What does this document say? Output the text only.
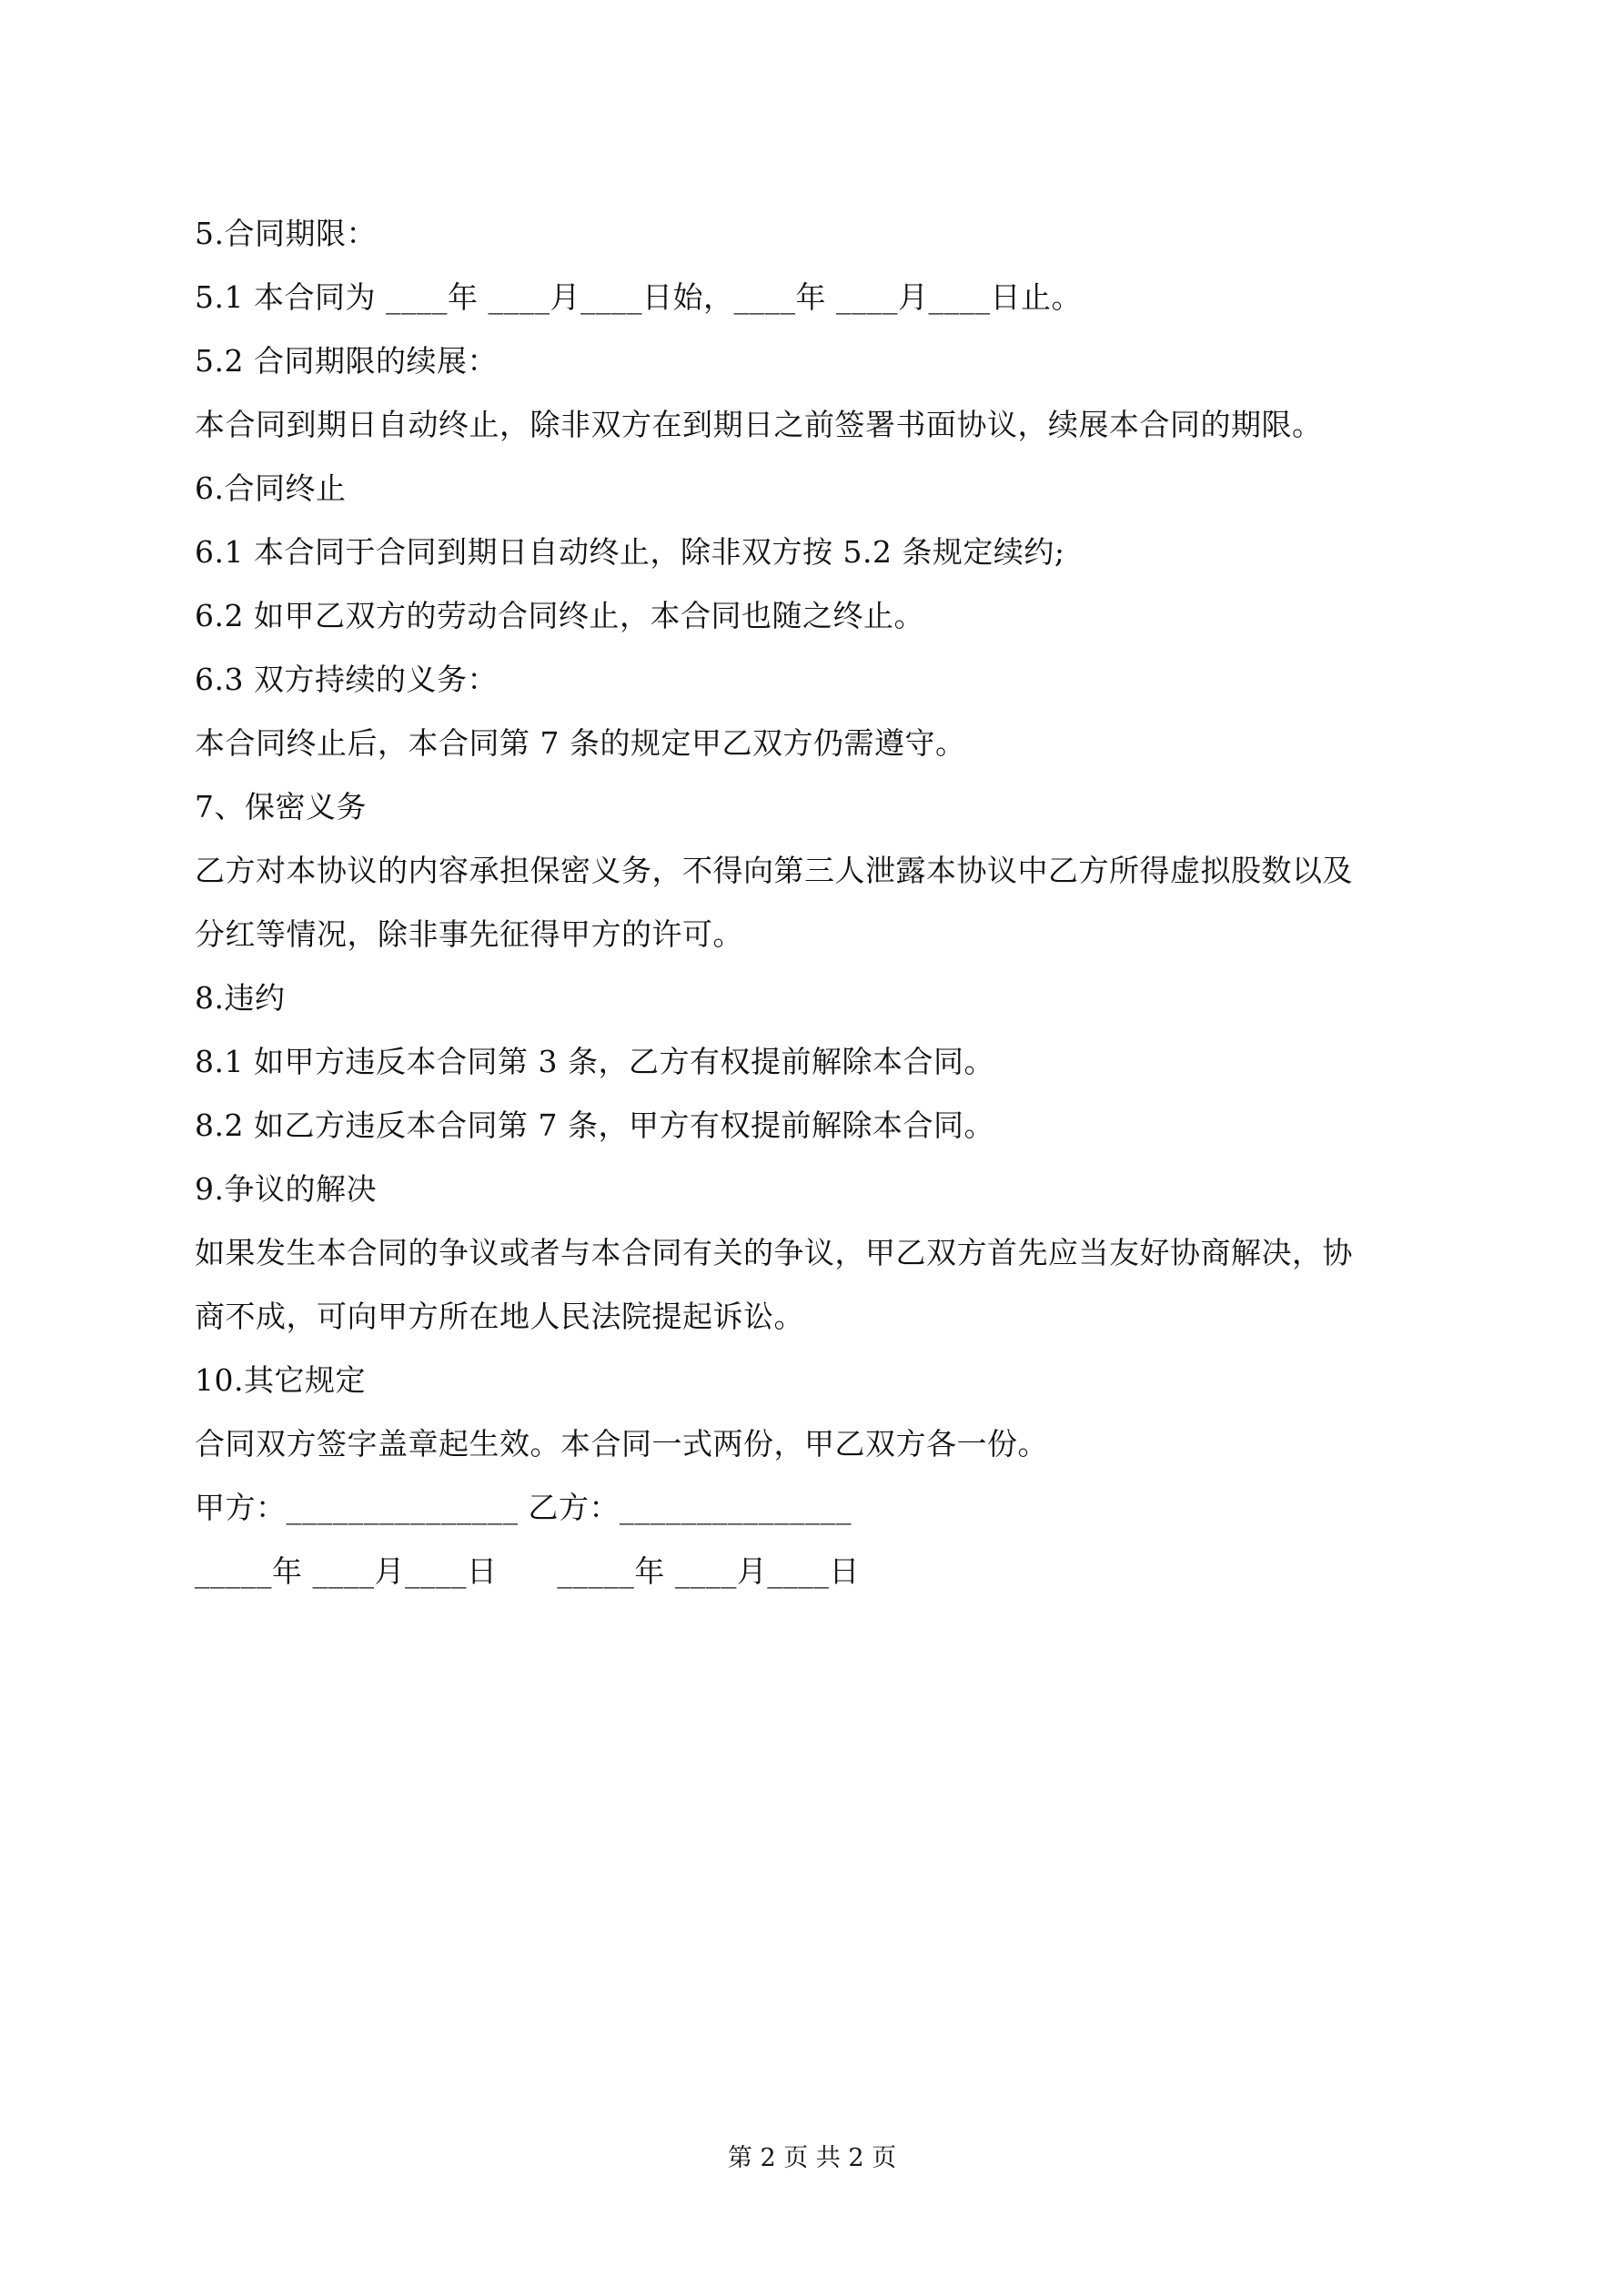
5.合同期限：
5.1 本合同为 ____年 ____月____日始，____年 ____月____日止。
5.2 合同期限的续展：
本合同到期日自动终止，除非双方在到期日之前签署书面协议，续展本合同的期限。
6.合同终止
6.1 本合同于合同到期日自动终止，除非双方按 5.2 条规定续约;
6.2 如甲乙双方的劳动合同终止，本合同也随之终止。
6.3 双方持续的义务：
本合同终止后，本合同第 7 条的规定甲乙双方仍需遵守。
7、保密义务
乙方对本协议的内容承担保密义务，不得向第三人泄露本协议中乙方所得虚拟股数以及
分红等情况，除非事先征得甲方的许可。
8.违约
8.1 如甲方违反本合同第 3 条，乙方有权提前解除本合同。
8.2 如乙方违反本合同第 7 条，甲方有权提前解除本合同。
9.争议的解决
如果发生本合同的争议或者与本合同有关的争议，甲乙双方首先应当友好协商解决，协
商不成，可向甲方所在地人民法院提起诉讼。
10.其它规定
合同双方签字盖章起生效。本合同一式两份，甲乙双方各一份。
甲方：_______________ 乙方：_______________
_____年 ____月____日      _____年 ____月____日
第 2 页 共 2 页
